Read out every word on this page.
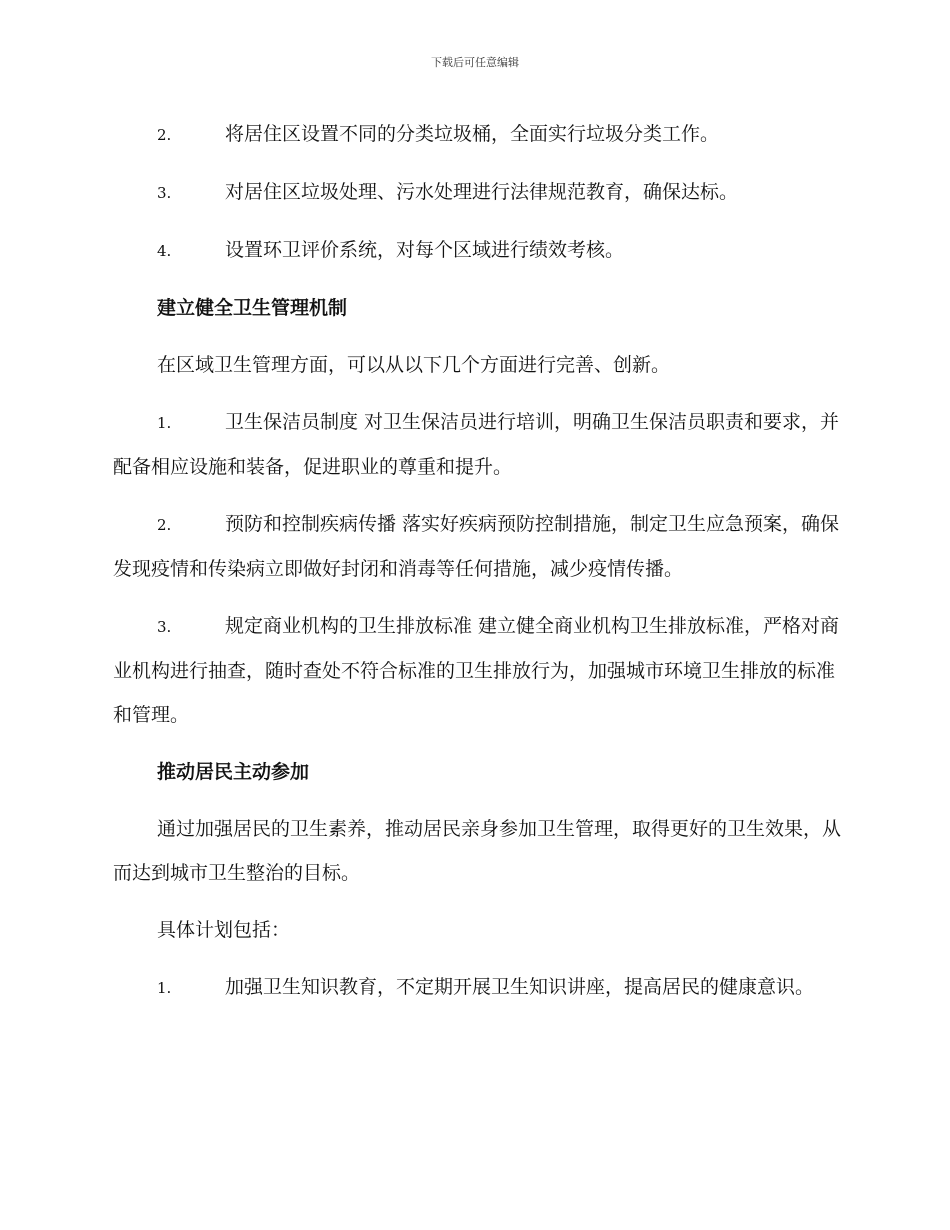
下载后可任意编辑

2.	将居住区设置不同的分类垃圾桶，全面实行垃圾分类工作。

3.	对居住区垃圾处理、污水处理进行法律规范教育，确保达标。

4.	设置环卫评价系统，对每个区域进行绩效考核。

建立健全卫生管理机制

在区域卫生管理方面，可以从以下几个方面进行完善、创新。

1.	卫生保洁员制度 对卫生保洁员进行培训，明确卫生保洁员职责和要求，并配备相应设施和装备，促进职业的尊重和提升。

2.	预防和控制疾病传播 落实好疾病预防控制措施，制定卫生应急预案，确保发现疫情和传染病立即做好封闭和消毒等任何措施，减少疫情传播。

3.	规定商业机构的卫生排放标准 建立健全商业机构卫生排放标准，严格对商业机构进行抽查，随时查处不符合标准的卫生排放行为，加强城市环境卫生排放的标准和管理。

推动居民主动参加

通过加强居民的卫生素养，推动居民亲身参加卫生管理，取得更好的卫生效果，从而达到城市卫生整治的目标。

具体计划包括：

1.	加强卫生知识教育，不定期开展卫生知识讲座，提高居民的健康意识。
